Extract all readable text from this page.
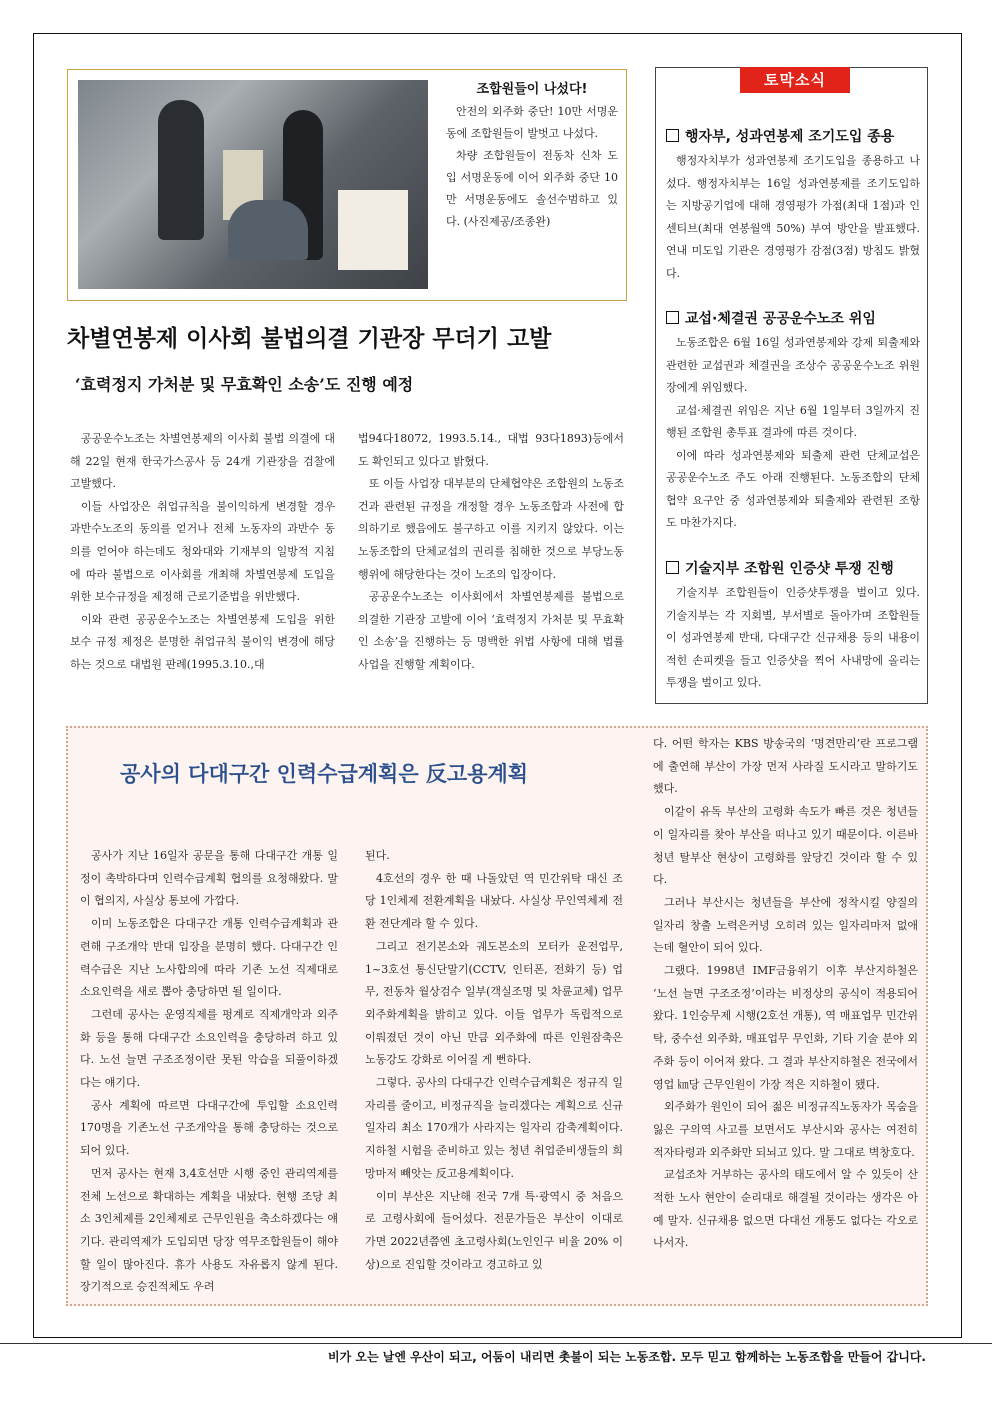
조합원들이 나섰다!

안전의 외주화 중단! 10만 서명운동에 조합원들이 발벗고 나섰다.

차량 조합원들이 전동차 신차 도입 서명운동에 이어 외주화 중단 10만 서명운동에도 솔선수범하고 있다. (사진제공/조종완)

차별연봉제 이사회 불법의결 기관장 무더기 고발
‘효력정지 가처분 및 무효확인 소송’도 진행 예정

공공운수노조는 차별연봉제의 이사회 불법 의결에 대해 22일 현재 한국가스공사 등 24개 기관장을 검찰에 고발했다.

이들 사업장은 취업규칙을 불이익하게 변경할 경우 과반수노조의 동의를 얻거나 전체 노동자의 과반수 동의를 얻어야 하는데도 청와대와 기재부의 일방적 지침에 따라 불법으로 이사회를 개최해 차별연봉제 도입을 위한 보수규정을 제정해 근로기준법을 위반했다.

이와 관련 공공운수노조는 차별연봉제 도입을 위한 보수 규정 제정은 분명한 취업규칙 불이익 변경에 해당하는 것으로 대법원 판례(1995.3.10.,대

법94다18072, 1993.5.14., 대법 93다1893)등에서도 확인되고 있다고 밝혔다.

또 이들 사업장 대부분의 단체협약은 조합원의 노동조건과 관련된 규정을 개정할 경우 노동조합과 사전에 합의하기로 했음에도 불구하고 이를 지키지 않았다. 이는 노동조합의 단체교섭의 권리를 침해한 것으로 부당노동행위에 해당한다는 것이 노조의 입장이다.

공공운수노조는 이사회에서 차별연봉제를 불법으로 의결한 기관장 고발에 이어 ‘효력정지 가처분 및 무효확인 소송’을 진행하는 등 명백한 위법 사항에 대해 법률 사업을 진행할 계획이다.

토막소식
행자부, 성과연봉제 조기도입 종용

행정자치부가 성과연봉제 조기도입을 종용하고 나섰다. 행정자치부는 16일 성과연봉제를 조기도입하는 지방공기업에 대해 경영평가 가점(최대 1점)과 인센티브(최대 연봉월액 50%) 부여 방안을 발표했다. 연내 미도입 기관은 경영평가 감점(3점) 방침도 밝혔다.

교섭·체결권 공공운수노조 위임

노동조합은 6월 16일 성과연봉제와 강제 퇴출제와 관련한 교섭권과 체결권을 조상수 공공운수노조 위원장에게 위임했다.

교섭·체결권 위임은 지난 6월 1일부터 3일까지 진행된 조합원 총투표 결과에 따른 것이다.

이에 따라 성과연봉제와 퇴출제 관련 단체교섭은 공공운수노조 주도 아래 진행된다. 노동조합의 단체협약 요구안 중 성과연봉제와 퇴출제와 관련된 조항도 마찬가지다.

기술지부 조합원 인증샷 투쟁 진행

기술지부 조합원들이 인증샷투쟁을 벌이고 있다. 기술지부는 각 지회별, 부서별로 돌아가며 조합원들이 성과연봉제 반대, 다대구간 신규채용 등의 내용이 적힌 손피켓을 들고 인증샷을 찍어 사내망에 올리는 투쟁을 벌이고 있다.

공사의 다대구간 인력수급계획은 反고용계획

공사가 지난 16일자 공문을 통해 다대구간 개통 일정이 촉박하다며 인력수급계획 협의를 요청해왔다. 말이 협의지, 사실상 통보에 가깝다.

이미 노동조합은 다대구간 개통 인력수급계획과 관련해 구조개악 반대 입장을 분명히 했다. 다대구간 인력수급은 지난 노사합의에 따라 기존 노선 직제대로 소요인력을 새로 뽑아 충당하면 될 일이다.

그런데 공사는 운영직제를 펑계로 직제개악과 외주화 등을 통해 다대구간 소요인력을 충당하려 하고 있다. 노선 늘면 구조조정이란 못된 악습을 되풀이하겠다는 얘기다.

공사 계획에 따르면 다대구간에 투입할 소요인력 170명을 기존노선 구조개악을 통해 충당하는 것으로 되어 있다.

먼저 공사는 현재 3,4호선만 시행 중인 관리역제를 전체 노선으로 확대하는 계획을 내놨다. 현행 조당 최소 3인체제를 2인체제로 근무인원을 축소하겠다는 얘기다. 관리역제가 도입되면 당장 역무조합원들이 해야 할 일이 많아진다. 휴가 사용도 자유롭지 않게 된다. 장기적으로 승진적체도 우려

된다.

4호선의 경우 한 때 나돌았던 역 민간위탁 대신 조당 1인체제 전환계획을 내놨다. 사실상 무인역체제 전환 전단계라 할 수 있다.

그리고 전기본소와 궤도본소의 모터카 운전업무, 1~3호선 통신단말기(CCTV, 인터폰, 전화기 등) 업무, 전동차 월상검수 일부(객실조명 및 차륜교체) 업무 외주화계획을 밝히고 있다. 이들 업무가 독립적으로 이뤄졌던 것이 아닌 만큼 외주화에 따른 인원잠축은 노동강도 강화로 이어질 게 뻔하다.

그렇다. 공사의 다대구간 인력수급계획은 정규직 일자리를 줄이고, 비정규직을 늘리겠다는 계획으로 신규 일자리 최소 170개가 사라지는 일자리 감축계획이다. 지하철 시험을 준비하고 있는 청년 취업준비생들의 희망마저 빼앗는 反고용계획이다.

이미 부산은 지난해 전국 7개 특·광역시 중 처음으로 고령사회에 들어섰다. 전문가들은 부산이 이대로 가면 2022년쯤엔 초고령사회(노인인구 비율 20% 이상)으로 진입할 것이라고 경고하고 있

다. 어떤 학자는 KBS 방송국의 ‘명견만리’란 프로그램에 출연해 부산이 가장 먼저 사라질 도시라고 말하기도 했다.

이같이 유독 부산의 고령화 속도가 빠른 것은 청년들이 일자리를 찾아 부산을 떠나고 있기 때문이다. 이른바 청년 탈부산 현상이 고령화를 앞당긴 것이라 할 수 있다.

그러나 부산시는 청년들을 부산에 정착시킬 양질의 일자리 창출 노력은커녕 오히려 있는 일자리마저 없애는데 혈안이 되어 있다.

그랬다. 1998년 IMF금융위기 이후 부산지하철은 ‘노선 늘면 구조조정’이라는 비정상의 공식이 적용되어 왔다. 1인승무제 시행(2호선 개통), 역 매표업무 민간위탁, 중수선 외주화, 매표업무 무인화, 기타 기술 분야 외주화 등이 이어져 왔다. 그 결과 부산지하철은 전국에서 영업 ㎞당 근무인원이 가장 적은 지하철이 됐다.

외주화가 원인이 되어 젊은 비정규직노동자가 목숨을 잃은 구의역 사고를 보면서도 부산시와 공사는 여전히 적자타령과 외주화만 되뇌고 있다. 말 그대로 벽창호다.

교섭조차 거부하는 공사의 태도에서 알 수 있듯이 산적한 노사 현안이 순리대로 해결될 것이라는 생각은 아예 말자. 신규채용 없으면 다대선 개통도 없다는 각오로 나서자.

비가 오는 날엔 우산이 되고, 어둠이 내리면 촛불이 되는 노동조합. 모두 믿고 함께하는 노동조합을 만들어 갑니다.
